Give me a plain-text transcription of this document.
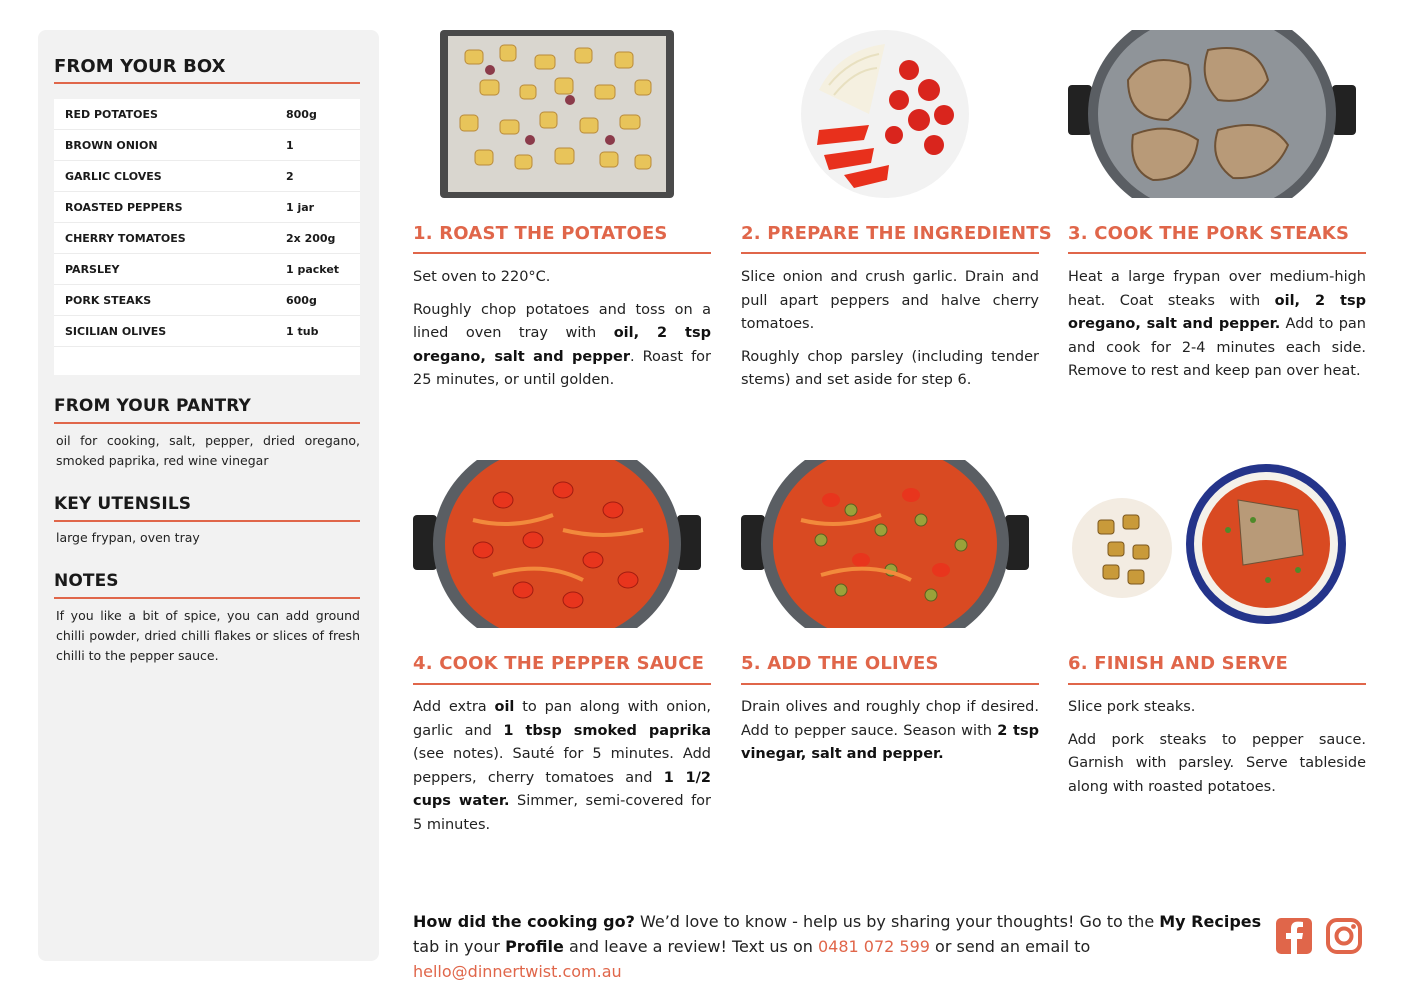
FROM YOUR BOX
RED POTATOES	800g
BROWN ONION	1
GARLIC CLOVES	2
ROASTED PEPPERS	1 jar
CHERRY TOMATOES	2x 200g
PARSLEY	1 packet
PORK STEAKS	600g
SICILIAN OLIVES	1 tub
FROM YOUR PANTRY
oil for cooking, salt, pepper, dried oregano, smoked paprika, red wine vinegar
KEY UTENSILS
large frypan, oven tray
NOTES
If you like a bit of spice, you can add ground chilli powder, dried chilli flakes or slices of fresh chilli to the pepper sauce.
1. ROAST THE POTATOES

Set oven to 220°C.

Roughly chop potatoes and toss on a lined oven tray with oil, 2 tsp oregano, salt and pepper. Roast for 25 minutes, or until golden.

2. PREPARE THE INGREDIENTS

Slice onion and crush garlic. Drain and pull apart peppers and halve cherry tomatoes.

Roughly chop parsley (including tender stems) and set aside for step 6.

3. COOK THE PORK STEAKS

Heat a large frypan over medium-high heat. Coat steaks with oil, 2 tsp oregano, salt and pepper. Add to pan and cook for 2-4 minutes each side. Remove to rest and keep pan over heat.

4. COOK THE PEPPER SAUCE

Add extra oil to pan along with onion, garlic and 1 tbsp smoked paprika (see notes). Sauté for 5 minutes. Add peppers, cherry tomatoes and 1 1/2 cups water. Simmer, semi-covered for 5 minutes.

5. ADD THE OLIVES

Drain olives and roughly chop if desired. Add to pepper sauce. Season with 2 tsp vinegar, salt and pepper.

6. FINISH AND SERVE

Slice pork steaks.

Add pork steaks to pepper sauce. Garnish with parsley. Serve tableside along with roasted potatoes.

How did the cooking go? We’d love to know - help us by sharing your thoughts! Go to the My Recipes tab in your Profile and leave a review! Text us on 0481 072 599 or send an email to hello@dinnertwist.com.au
